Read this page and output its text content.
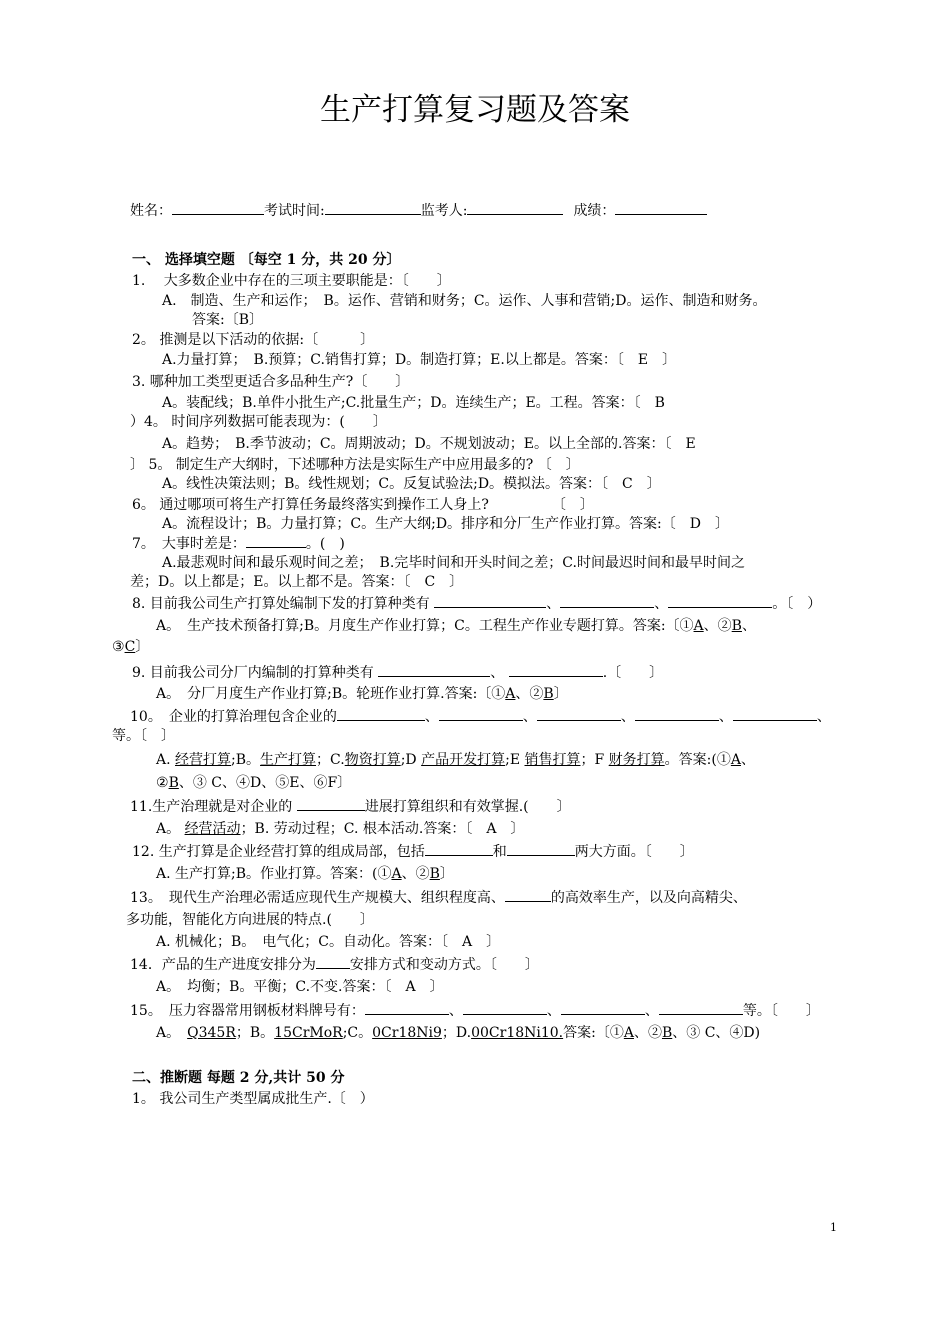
生产打算复习题及答案
姓名：	考试时间:	监考人:	成绩：
一、 选择填空题 〔每空 1 分，共 20 分〕
1.　 大多数企业中存在的三项主要职能是：〔　　〕
A.　制造、生产和运作；　B。运作、营销和财务；C。运作、人事和营销;D。运作、制造和财务。
答案:〔B〕
2。 推测是以下活动的依据:〔　　　〕
A.力量打算；　B.预算；C.销售打算；D。制造打算；E.以上都是。答案：〔　E　〕
3. 哪种加工类型更适合多品种生产?〔　　〕
A。装配线；B.单件小批生产;C.批量生产；D。连续生产；E。工程。答案：〔　B
）4。 时间序列数据可能表现为：(　　〕
A。趋势；　B.季节波动；C。周期波动；D。不规划波动；E。以上全部的.答案：〔　E
〕 5。 制定生产大纲时，下述哪种方法是实际生产中应用最多的? 〔　〕
A。线性决策法则；B。线性规划；C。反复试验法;D。模拟法。答案：〔　C　〕
6。 通过哪项可将生产打算任务最终落实到操作工人身上?　　　　　〔　〕
A。流程设计；B。力量打算；C。生产大纲;D。排序和分厂生产作业打算。答案:〔　D　〕
7。　大事时差是：	。(　)
A.最悲观时间和最乐观时间之差；　B.完毕时间和开头时间之差；C.时间最迟时间和最早时间之
差；D。以上都是；E。以上都不是。答案：〔　C　〕
8. 目前我公司生产打算处编制下发的打算种类有	、	、	。〔　）
A。　生产技术预备打算;B。月度生产作业打算；C。工程生产作业专题打算。答案:〔①A、②B、
③C〕
9. 目前我公司分厂内编制的打算种类有	、	.〔　　〕
A。　分厂月度生产作业打算;B。轮班作业打算.答案:〔①A、②B〕
10。　企业的打算治理包含企业的	、	、	、	、	、
等。〔　〕
A. 经营打算;B。生产打算；C.物资打算;D 产品开发打算;E 销售打算；F 财务打算。答案:(①A、
②B、③ C、④D、⑤E、⑥F〕
11.生产治理就是对企业的	进展打算组织和有效掌握.(　　〕
A。 经营活动；B. 劳动过程；C. 根本活动.答案：〔　A　〕
12. 生产打算是企业经营打算的组成局部，包括	和	两大方面。〔　　〕
A. 生产打算;B。作业打算。答案：(①A、②B〕
13。　现代生产治理必需适应现代生产规模大、组织程度高、	的高效率生产，以及向高精尖、
多功能，智能化方向进展的特点.(　　〕
A. 机械化；B。　电气化；C。自动化。答案：〔　A　〕
14．产品的生产进度安排分为 安排方式和变动方式。〔　　〕
A。　均衡；B。平衡；C.不变.答案：〔　A　〕
15。　压力容器常用钢板材料牌号有：	、	、	、	等。〔　　〕
A。　Q345R；B。15CrMoR;C。0Cr18Ni9；D.00Cr18Ni10.答案:〔①A、②B、③ C、④D)
二、推断题 每题 2 分,共计 50 分
1。 我公司生产类型属成批生产.〔　）
1
